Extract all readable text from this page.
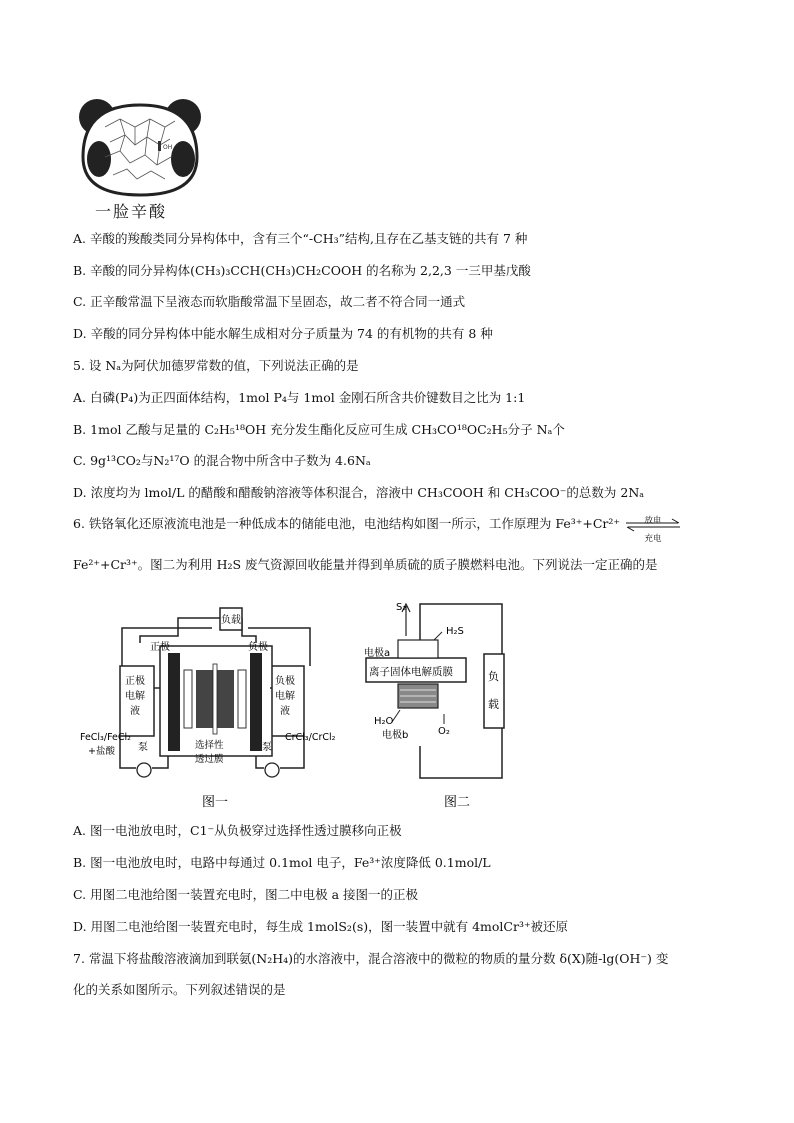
OH
一脸辛酸
A. 辛酸的羧酸类同分异构体中，含有三个“-CH₃”结构,且存在乙基支链的共有 7 种
B. 辛酸的同分异构体(CH₃)₃CCH(CH₃)CH₂COOH 的名称为 2,2,3 一三甲基戊酸
C. 正辛酸常温下呈液态而软脂酸常温下呈固态，故二者不符合同一通式
D. 辛酸的同分异构体中能水解生成相对分子质量为 74 的有机物的共有 8 种
5. 设 Nₐ为阿伏加德罗常数的值，下列说法正确的是
A. 白磷(P₄)为正四面体结构，1mol P₄与 1mol 金刚石所含共价键数目之比为 1:1
B. 1mol 乙酸与足量的 C₂H₅¹⁸OH 充分发生酯化反应可生成 CH₃CO¹⁸OC₂H₅分子 Nₐ个
C. 9g¹³CO₂与N₂¹⁷O 的混合物中所含中子数为 4.6Nₐ
D. 浓度均为 lmol/L 的醋酸和醋酸钠溶液等体积混合，溶液中 CH₃COOH 和 CH₃COO⁻的总数为 2Nₐ
6. 铁铬氧化还原液流电池是一种低成本的储能电池，电池结构如图一所示，工作原理为 Fe³⁺+Cr²⁺	放电
充电
Fe²⁺+Cr³⁺。图二为利用 H₂S 废气资源回收能量并得到单质硫的质子膜燃料电池。下列说法一定正确的是
负载
正极	负极
正极
电解
液
负极
电解
液
FeCl₃/FeCl₂
+盐酸
CrCl₃/CrCl₂
泵	泵
选择性
透过膜
图一
S₂
H₂S
电极a
离子固体电解质膜	负
载
H₂O
电极b	O₂
图二
A. 图一电池放电时，C1⁻从负极穿过选择性透过膜移向正极
B. 图一电池放电时，电路中每通过 0.1mol 电子，Fe³⁺浓度降低 0.1mol/L
C. 用图二电池给图一装置充电时，图二中电极 a 接图一的正极
D. 用图二电池给图一装置充电时，每生成 1molS₂(s)，图一装置中就有 4molCr³⁺被还原
7. 常温下将盐酸溶液滴加到联氨(N₂H₄)的水溶液中，混合溶液中的微粒的物质的量分数 δ(X)随-lg(OH⁻) 变
化的关系如图所示。下列叙述错误的是
